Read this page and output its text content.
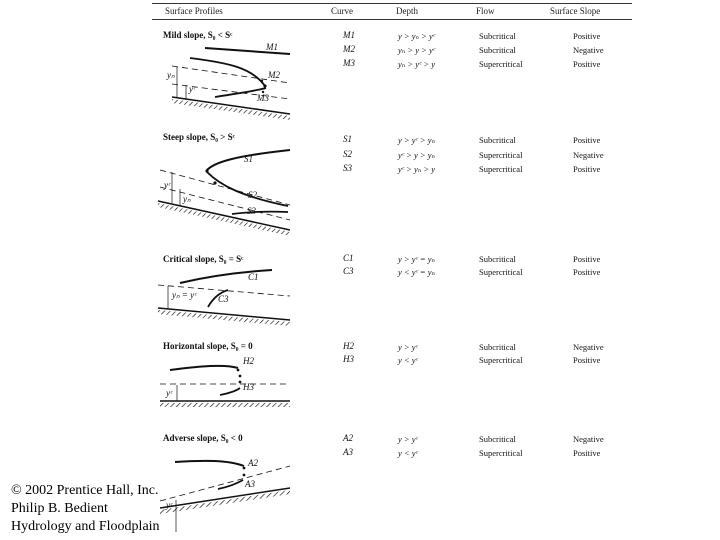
Surface Profiles	Curve	Depth	Flow	Surface Slope
Mild slope, S₀ < Sᶜ
Steep slope, S₀ > Sᶜ
Critical slope, S₀ = Sᶜ
Horizontal slope, S₀ = 0
Adverse slope, S₀ < 0
M1	y > yₙ > yᶜ	Subcritical	Positive
M2	yₙ > y > yᶜ	Subcritical	Negative
M3	yₙ > yᶜ > y	Supercritical	Positive
S1	y > yᶜ > yₙ	Subcritical	Positive
S2	yᶜ > y > yₙ	Supercritical	Negative
S3	yᶜ > yₙ > y	Supercritical	Positive
C1	y > yᶜ = yₙ	Subcritical	Positive
C3	y < yᶜ = yₙ	Supercritical	Positive
H2	y > yᶜ	Subcritical	Negative
H3	y < yᶜ	Supercritical	Positive
A2	y > yᶜ	Subcritical	Negative
A3	y < yᶜ	Supercritical	Positive
M1
M2
M3
yₙ
yᶜ
S1
S2
S3
yᶜ
yₙ
C1
C3
yₙ = yᶜ
H2
H3
yᶜ
A2
A3
yᶜ
© 2002 Prentice Hall, Inc.
Philip B. Bedient
Hydrology and Floodplain
